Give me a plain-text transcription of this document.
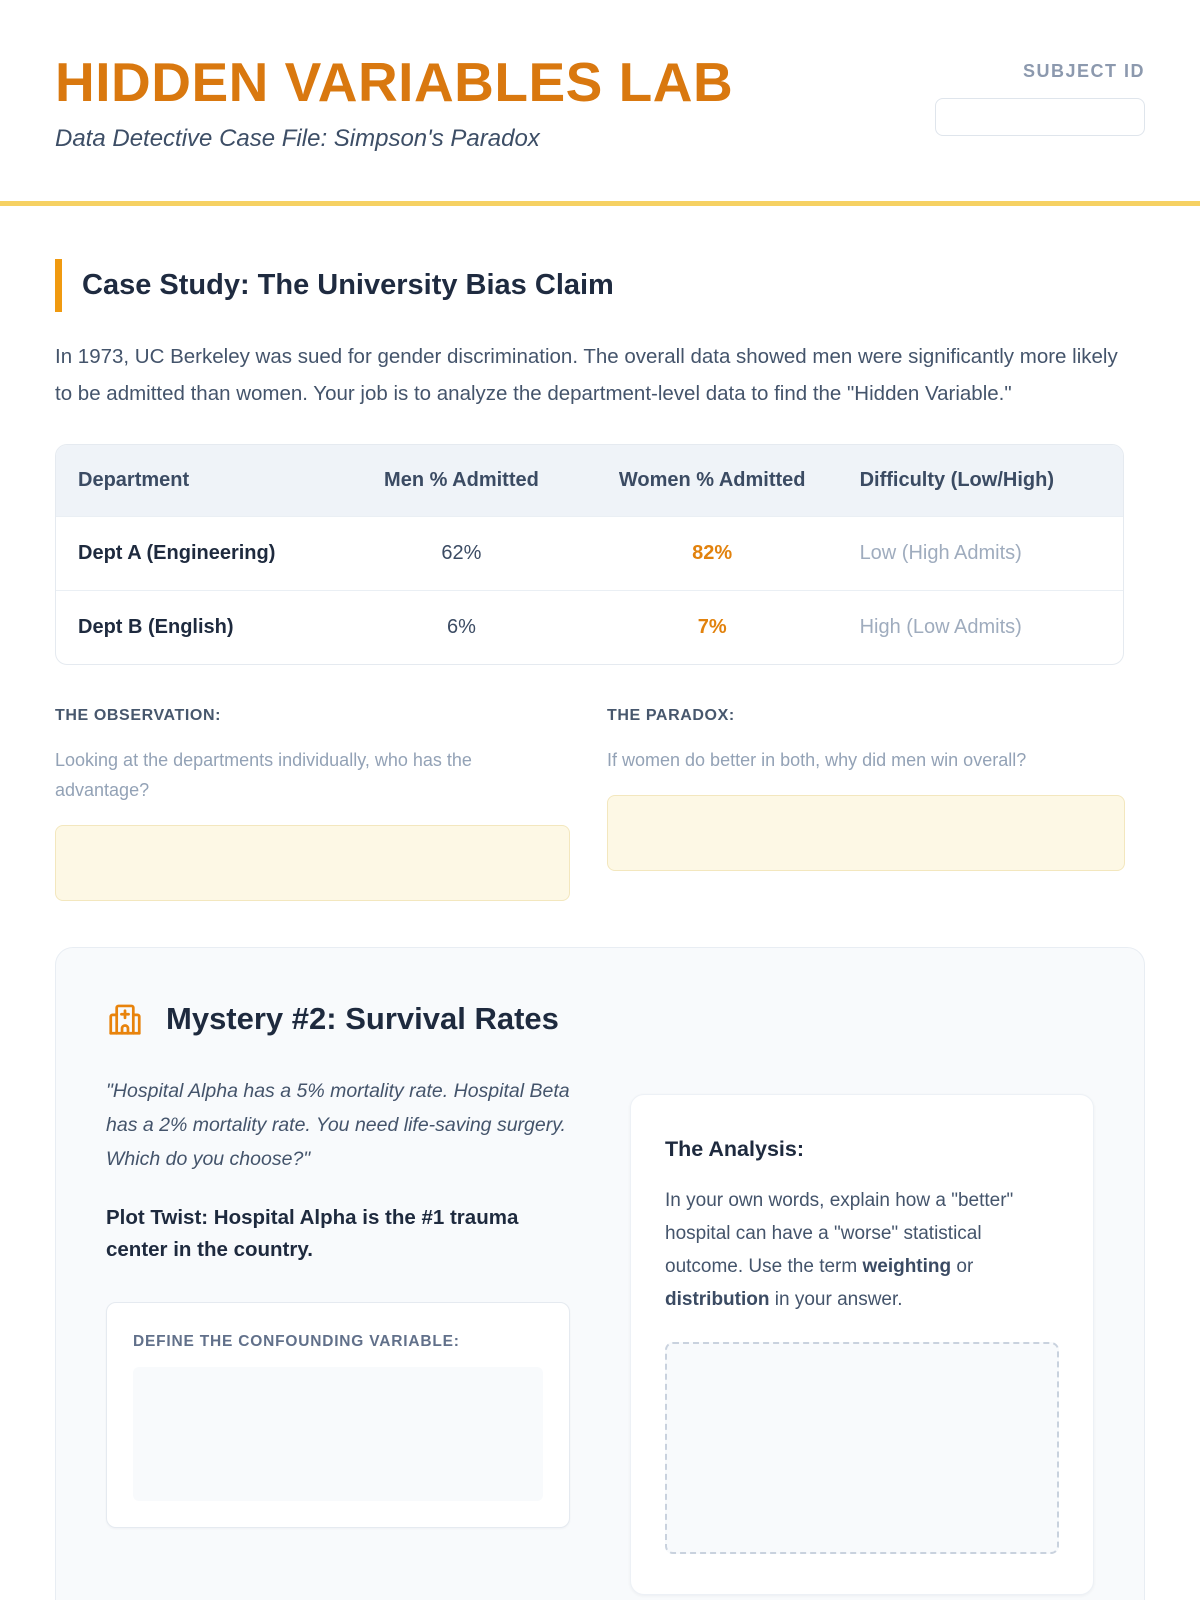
HIDDEN VARIABLES LAB
Data Detective Case File: Simpson's Paradox
SUBJECT ID
Case Study: The University Bias Claim

In 1973, UC Berkeley was sued for gender discrimination. The overall data showed men were significantly more likely to be admitted than women. Your job is to analyze the department-level data to find the "Hidden Variable."

Department	Men % Admitted	Women % Admitted	Difficulty (Low/High)
Dept A (Engineering)	62%	82%	Low (High Admits)
Dept B (English)	6%	7%	High (Low Admits)
THE OBSERVATION:

Looking at the departments individually, who has the advantage?

THE PARADOX:

If women do better in both, why did men win overall?

Mystery #2: Survival Rates

"Hospital Alpha has a 5% mortality rate. Hospital Beta has a 2% mortality rate. You need life-saving surgery. Which do you choose?"

Plot Twist: Hospital Alpha is the #1 trauma center in the country.

DEFINE THE CONFOUNDING VARIABLE:
The Analysis:

In your own words, explain how a "better" hospital can have a "worse" statistical outcome. Use the term weighting or distribution in your answer.
